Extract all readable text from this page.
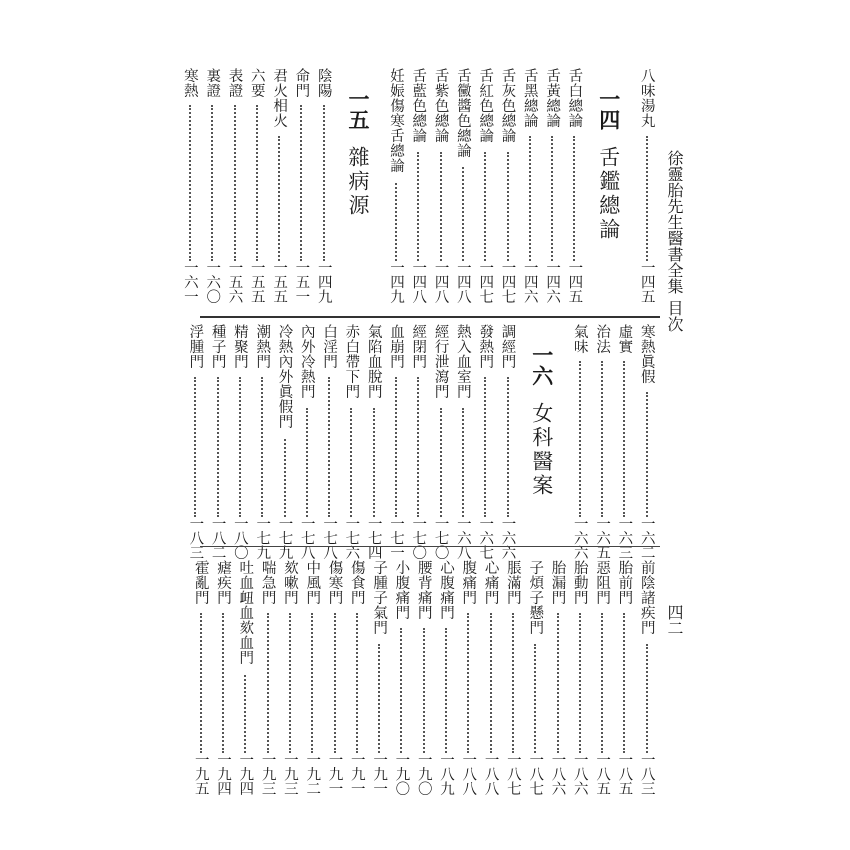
徐靈胎先生醫書全集
目次
四二
八味湯丸
一四五
一四
舌鑑總論
舌白總論
一四五
舌黃總論
一四六
舌黑總論
一四六
舌灰色總論
一四七
舌紅色總論
一四七
舌黴醬色總論
一四八
舌紫色總論
一四八
舌藍色總論
一四八
妊娠傷寒舌總論
一四九
一五
雜病源
陰陽
一四九
命門
一五一
君火相火
一五五
六要
一五五
表證
一五六
裏證
一六〇
寒熱
一六一
寒熱眞假
一六二
虛實
一六三
治法
一六五
氣味
一六六
一六
女科醫案
調經門
一六六
發熱門
一六七
熱入血室門
一六八
經行泄瀉門
一七〇
經閉門
一七〇
血崩門
一七一
氣陷血脫門
一七四
赤白帶下門
一七六
白淫門
一七八
內外冷熱門
一七八
冷熱內外眞假門
一七九
潮熱門
一七九
精聚門
一八〇
種子門
一八二
浮腫門
一八三
前陰諸疾門
一八三
胎前門
一八五
惡阻門
一八五
胎動門
一八六
胎漏門
一八六
子煩子懸門
一八七
脹滿門
一八七
心痛門
一八八
腹痛門
一八八
心腹痛門
一八九
腰背痛門
一九〇
小腹痛門
一九〇
子腫子氣門
一九一
傷食門
一九一
傷寒門
一九一
中風門
一九二
欬嗽門
一九三
喘急門
一九三
吐血衄血欬血門
一九四
瘧疾門
一九四
霍亂門
一九五
